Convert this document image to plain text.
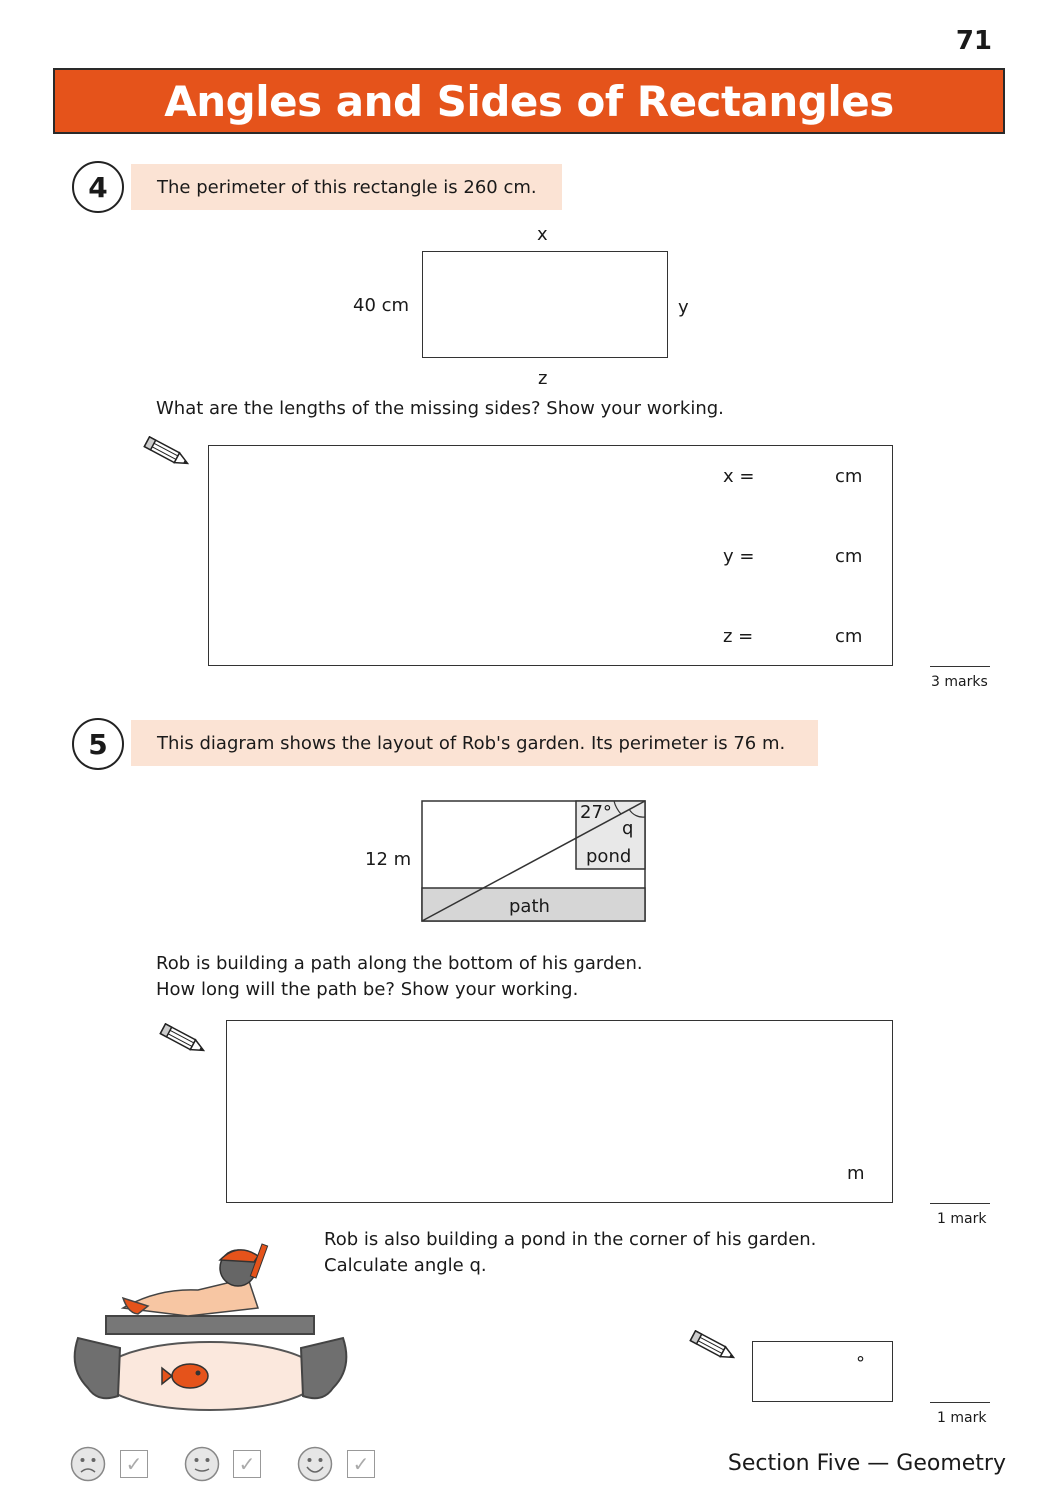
71
Angles and Sides of Rectangles
4	The perimeter of this rectangle is 260 cm.
x
40 cm	y
z
What are the lengths of the missing sides? Show your working.
x =	cm
y =	cm
z =	cm
3 marks
5	This diagram shows the layout of Rob's garden. Its perimeter is 76 m.
27°
q
pond
path
12 m
Rob is building a path along the bottom of his garden.
How long will the path be? Show your working.
m
1 mark
Rob is also building a pond in the corner of his garden.
Calculate angle q.
°
1 mark
✓	✓	✓	Section Five — Geometry
